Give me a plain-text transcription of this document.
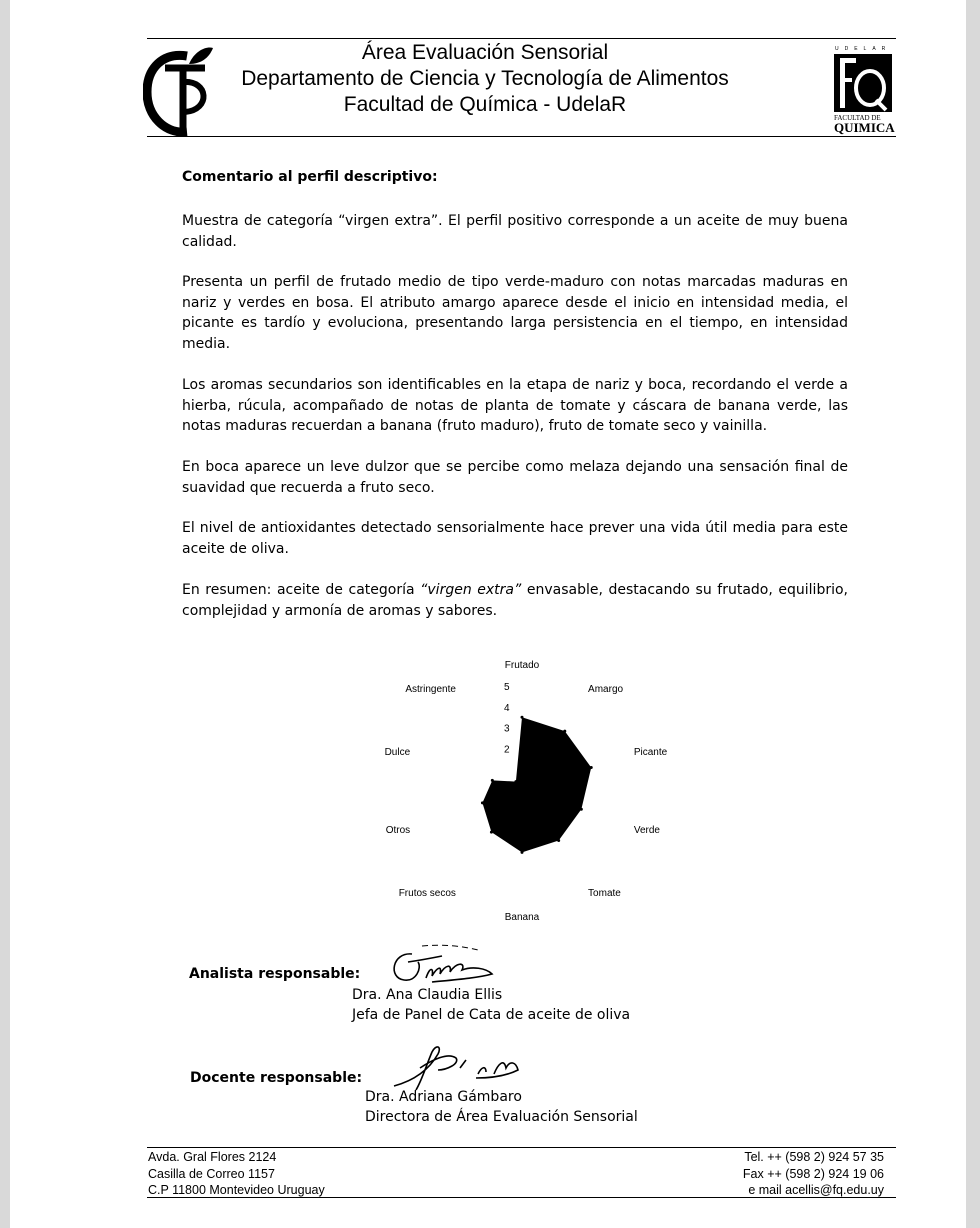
Área Evaluación Sensorial
Departamento de Ciencia y Tecnología de Alimentos
Facultad de Química - UdelaR
UDELAR
FACULTAD DE
QUIMICA
Comentario al perfil descriptivo:
Muestra de categoría “virgen extra”. El perfil positivo corresponde a un aceite de muy buena calidad.
Presenta un perfil de frutado medio de tipo verde-maduro con notas marcadas maduras en nariz y verdes en bosa. El atributo amargo aparece desde el inicio en intensidad media, el picante es tardío y evoluciona, presentando larga persistencia en el tiempo, en intensidad media.
Los aromas secundarios son identificables en la etapa de nariz y boca, recordando el verde a hierba, rúcula, acompañado de notas de planta de tomate y cáscara de banana verde, las notas maduras recuerdan a banana (fruto maduro), fruto de tomate seco y vainilla.
En boca aparece un leve dulzor que se percibe como melaza dejando una sensación final de suavidad que recuerda a fruto seco.
El nivel de antioxidantes detectado sensorialmente hace prever una vida útil media para este aceite de oliva.
En resumen: aceite de categoría “virgen extra” envasable, destacando su frutado, equilibrio, complejidad y armonía de aromas y sabores.
2
3
4
5
Frutado
Amargo
Picante
Verde
Tomate
Banana
Frutos secos
Otros
Dulce
Astringente
Analista responsable:
Dra. Ana Claudia Ellis
Jefa de Panel de Cata de aceite de oliva
Docente responsable:
Dra. Adriana Gámbaro
Directora de Área Evaluación Sensorial
Avda. Gral Flores 2124
Casilla de Correo 1157
C.P 11800 Montevideo Uruguay
Tel. ++ (598 2) 924 57 35
Fax ++ (598 2) 924 19 06
e mail acellis@fq.edu.uy
